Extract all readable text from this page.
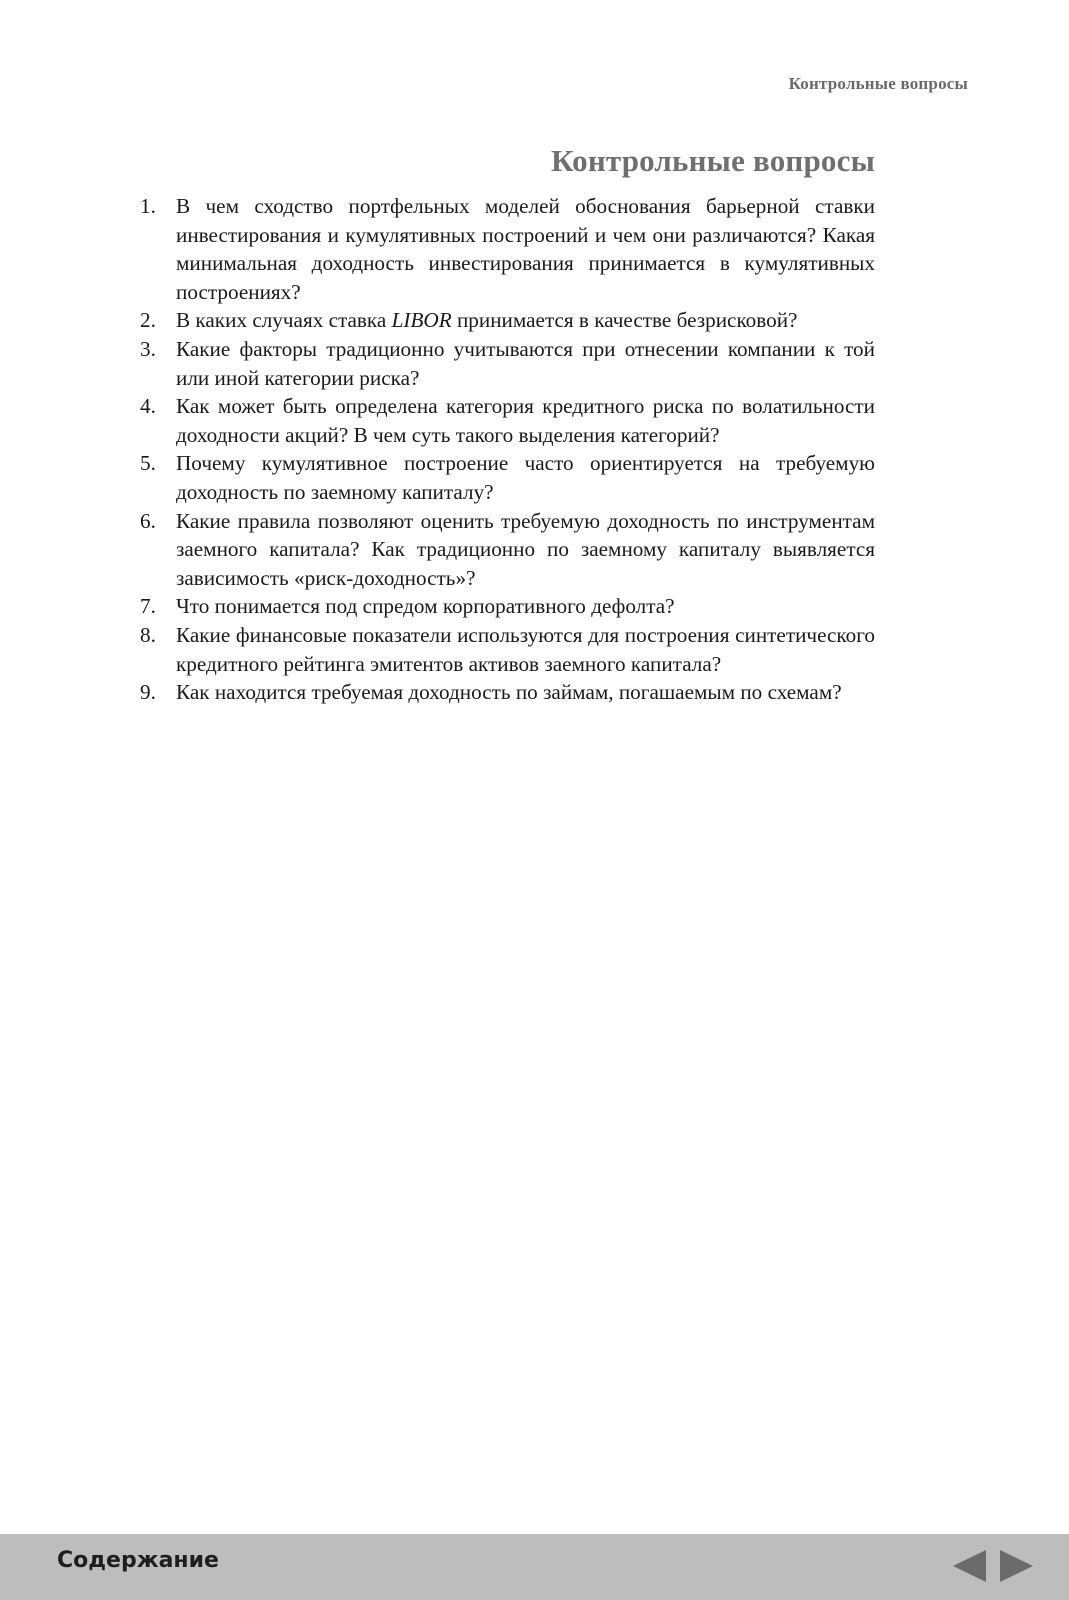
Контрольные вопросы
Контрольные вопросы
1. В чем сходство портфельных моделей обоснования барьерной ставки инвестирования и кумулятивных построений и чем они различаются? Какая минимальная доходность инвестирования принимается в кумулятивных построениях?
2. В каких случаях ставка LIBOR принимается в качестве безрисковой?
3. Какие факторы традиционно учитываются при отнесении компании к той или иной категории риска?
4. Как может быть определена категория кредитного риска по волатильности доходности акций? В чем суть такого выделения категорий?
5. Почему кумулятивное построение часто ориентируется на требуемую доходность по заемному капиталу?
6. Какие правила позволяют оценить требуемую доходность по инструментам заемного капитала? Как традиционно по заемному капиталу выявляется зависимость «риск-доходность»?
7. Что понимается под спредом корпоративного дефолта?
8. Какие финансовые показатели используются для построения синтетического кредитного рейтинга эмитентов активов заемного капитала?
9. Как находится требуемая доходность по займам, погашаемым по схемам?
Содержание
